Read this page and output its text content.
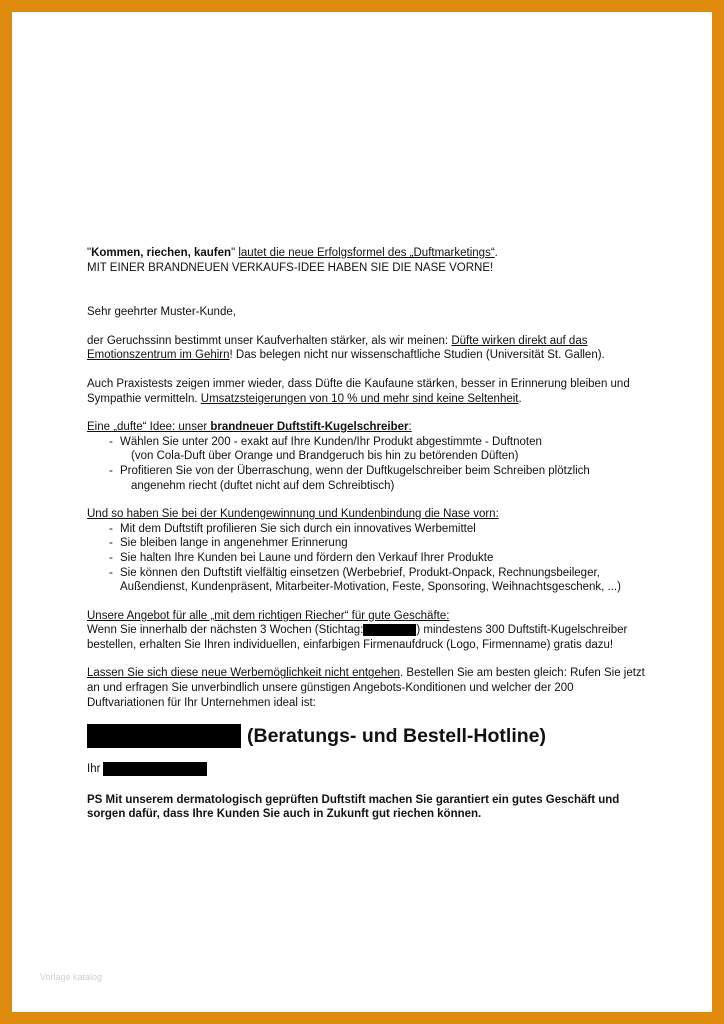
"Kommen, riechen, kaufen" lautet die neue Erfolgsformel des „Duftmarketings“.

MIT EINER BRANDNEUEN VERKAUFS-IDEE HABEN SIE DIE NASE VORNE!

Sehr geehrter Muster-Kunde,

der Geruchssinn bestimmt unser Kaufverhalten stärker, als wir meinen: Düfte wirken direkt auf das Emotionszentrum im Gehirn! Das belegen nicht nur wissenschaftliche Studien (Universität St. Gallen).

Auch Praxistests zeigen immer wieder, dass Düfte die Kaufaune stärken, besser in Erinnerung bleiben und Sympathie vermitteln. Umsatzsteigerungen von 10 % und mehr sind keine Seltenheit.

Eine „dufte“ Idee: unser brandneuer Duftstift-Kugelschreiber:

- Wählen Sie unter 200 - exakt auf Ihre Kunden/Ihr Produkt abgestimmte - Duftnoten
(von Cola-Duft über Orange und Brandgeruch bis hin zu betörenden Düften)
- Profitieren Sie von der Überraschung, wenn der Duftkugelschreiber beim Schreiben plötzlich
angenehm riecht (duftet nicht auf dem Schreibtisch)

Und so haben Sie bei der Kundengewinnung und Kundenbindung die Nase vorn:

- Mit dem Duftstift profilieren Sie sich durch ein innovatives Werbemittel
- Sie bleiben lange in angenehmer Erinnerung
- Sie halten Ihre Kunden bei Laune und fördern den Verkauf Ihrer Produkte
- Sie können den Duftstift vielfältig einsetzen (Werbebrief, Produkt-Onpack, Rechnungsbeileger, Außendienst, Kundenpräsent, Mitarbeiter-Motivation, Feste, Sponsoring, Weihnachtsgeschenk, ...)

Unsere Angebot für alle „mit dem richtigen Riecher“ für gute Geschäfte:

Wenn Sie innerhalb der nächsten 3 Wochen (Stichtag:	) mindestens 300 Duftstift-Kugelschreiber bestellen, erhalten Sie Ihren individuellen, einfarbigen Firmenaufdruck (Logo, Firmenname) gratis dazu!

Lassen Sie sich diese neue Werbemöglichkeit nicht entgehen. Bestellen Sie am besten gleich: Rufen Sie jetzt an und erfragen Sie unverbindlich unsere günstigen Angebots-Konditionen und welcher der 200 Duftvariationen für Ihr Unternehmen ideal ist:

(Beratungs- und Bestell-Hotline)

Ihr

PS Mit unserem dermatologisch geprüften Duftstift machen Sie garantiert ein gutes Geschäft und sorgen dafür, dass Ihre Kunden Sie auch in Zukunft gut riechen können.

Vorlage katalog
